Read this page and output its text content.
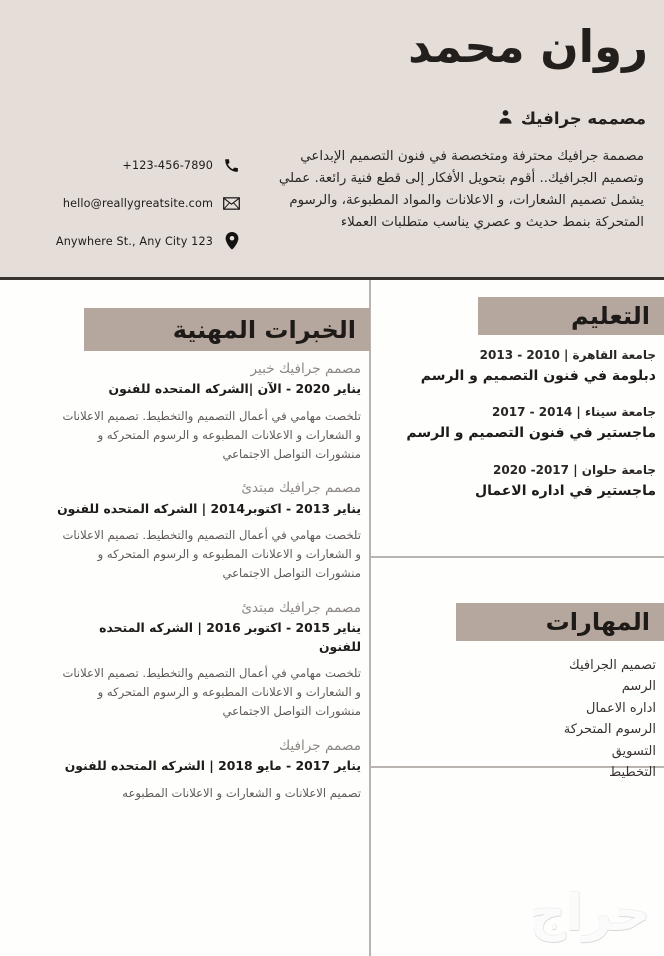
روان محمد
مصممه جرافيك
مصممة جرافيك محترفة ومتخصصة في فنون التصميم الإبداعي وتصميم الجرافيك.. أقوم بتحويل الأفكار إلى قطع فنية رائعة. عملي يشمل تصميم الشعارات، و الاعلانات والمواد المطبوعة، والرسوم المتحركة بنمط حديث و عصري يناسب متطلبات العملاء
+123-456-7890
hello@reallygreatsite.com
Anywhere St., Any City 123
الخبرات المهنية
مصمم جرافيك خبير
يناير 2020 - الآن |الشركه المتحده للفنون
تلخصت مهامي في أعمال التصميم والتخطيط. تصميم الاعلانات و الشعارات و الاعلانات المطبوعه و الرسوم المتحركه و منشورات التواصل الاجتماعي
مصمم جرافيك مبتدئ
يناير 2013 - اكتوبر2014 | الشركه المتحده للفنون
تلخصت مهامي في أعمال التصميم والتخطيط. تصميم الاعلانات و الشعارات و الاعلانات المطبوعه و الرسوم المتحركه و منشورات التواصل الاجتماعي
مصمم جرافيك مبتدئ
يناير 2015 - اكتوبر 2016 | الشركه المتحده للفنون
تلخصت مهامي في أعمال التصميم والتخطيط. تصميم الاعلانات و الشعارات و الاعلانات المطبوعه و الرسوم المتحركه و منشورات التواصل الاجتماعي
مصمم جرافيك
يناير 2017 - مايو 2018 | الشركه المتحده للفنون
تصميم الاعلانات و الشعارات و الاعلانات المطبوعه
التعليم
جامعة القاهرة | 2010 - 2013
دبلومة في فنون التصميم و الرسم
جامعة سيناء | 2014 - 2017
ماجستير في فنون التصميم و الرسم
جامعة حلوان | 2017- 2020
ماجستير في اداره الاعمال
المهارات
تصميم الجرافيك
الرسم
اداره الاعمال
الرسوم المتحركة
التسويق
التخطيط
حراج
